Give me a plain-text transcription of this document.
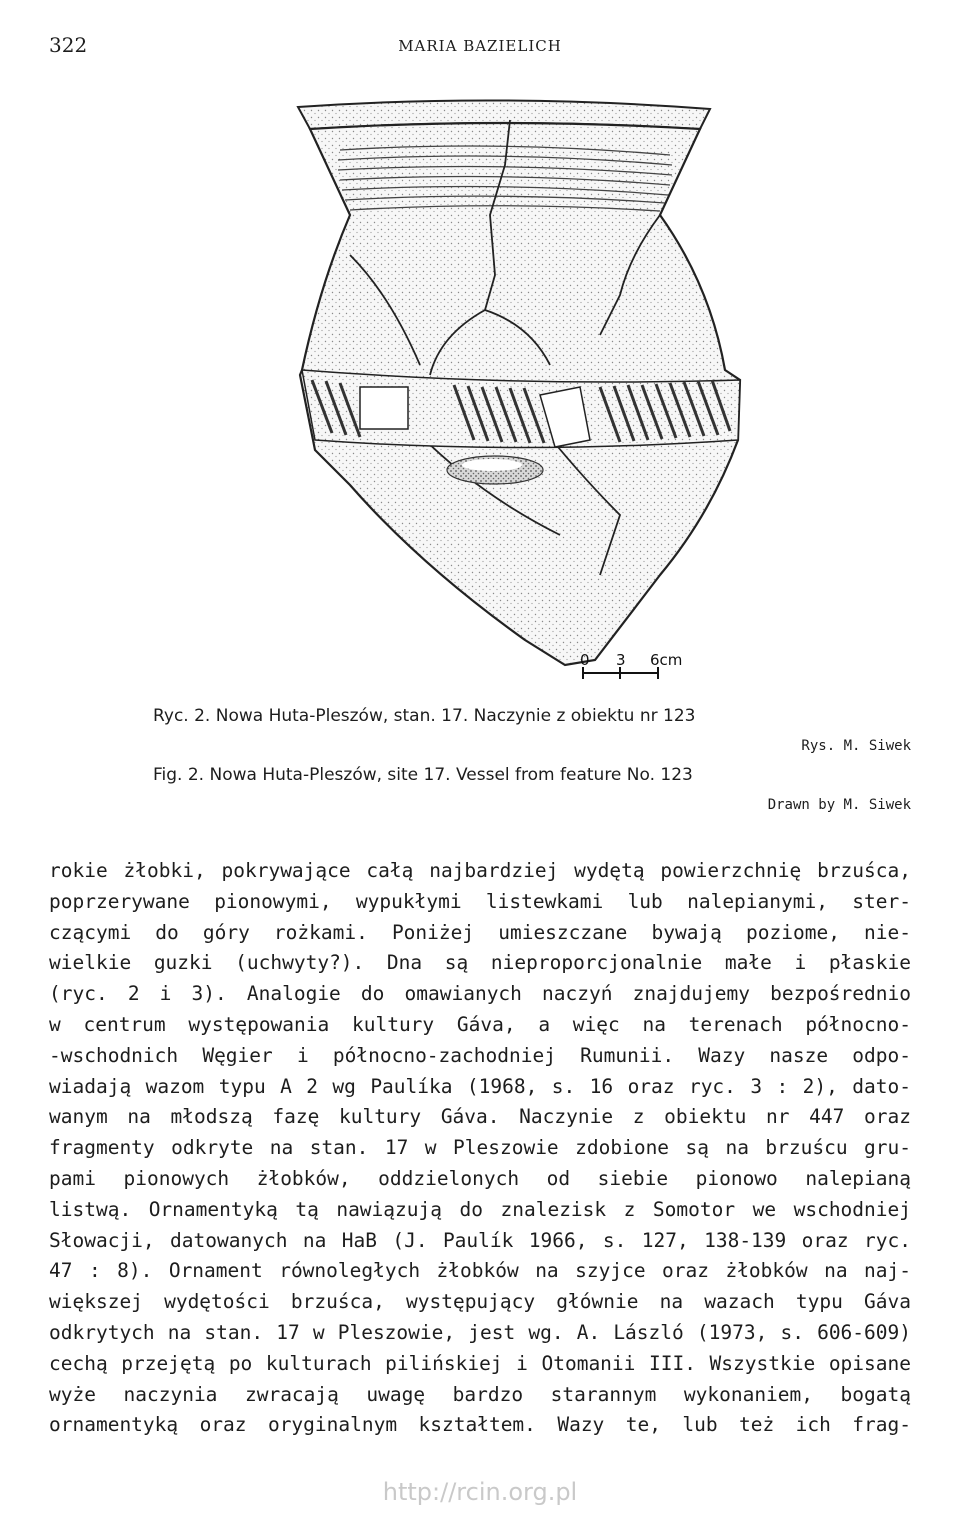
322	MARIA BAZIELICH
0 3 6cm
Ryc. 2. Nowa Huta-Pleszów, stan. 17. Naczynie z obiektu nr 123
Rys. M. Siwek
Fig. 2. Nowa Huta-Pleszów, site 17. Vessel from feature No. 123
Drawn by M. Siwek
rokie żłobki, pokrywające całą najbardziej wydętą powierzchnię brzuśca,
poprzerywane pionowymi, wypukłymi listewkami lub nalepianymi, ster-
czącymi do góry rożkami. Poniżej umieszczane bywają poziome, nie-
wielkie guzki (uchwyty?). Dna są nieproporcjonalnie małe i płaskie
(ryc. 2 i 3). Analogie do omawianych naczyń znajdujemy bezpośrednio
w centrum występowania kultury Gáva, a więc na terenach północno-
-wschodnich Węgier i północno-zachodniej Rumunii. Wazy nasze odpo-
wiadają wazom typu A 2 wg Paulíka (1968, s. 16 oraz ryc. 3 : 2), dato-
wanym na młodszą fazę kultury Gáva. Naczynie z obiektu nr 447 oraz
fragmenty odkryte na stan. 17 w Pleszowie zdobione są na brzuścu gru-
pami pionowych żłobków, oddzielonych od siebie pionowo nalepianą
listwą. Ornamentyką tą nawiązują do znalezisk z Somotor we wschodniej
Słowacji, datowanych na HaB (J. Paulík 1966, s. 127, 138-139 oraz ryc.
47 : 8). Ornament równoległych żłobków na szyjce oraz żłobków na naj-
większej wydętości brzuśca, występujący głównie na wazach typu Gáva
odkrytych na stan. 17 w Pleszowie, jest wg. A. László (1973, s. 606-609)
cechą przejętą po kulturach pilińskiej i Otomanii III. Wszystkie opisane
wyże naczynia zwracają uwagę bardzo starannym wykonaniem, bogatą
ornamentyką oraz oryginalnym kształtem. Wazy te, lub też ich frag-
http://rcin.org.pl
